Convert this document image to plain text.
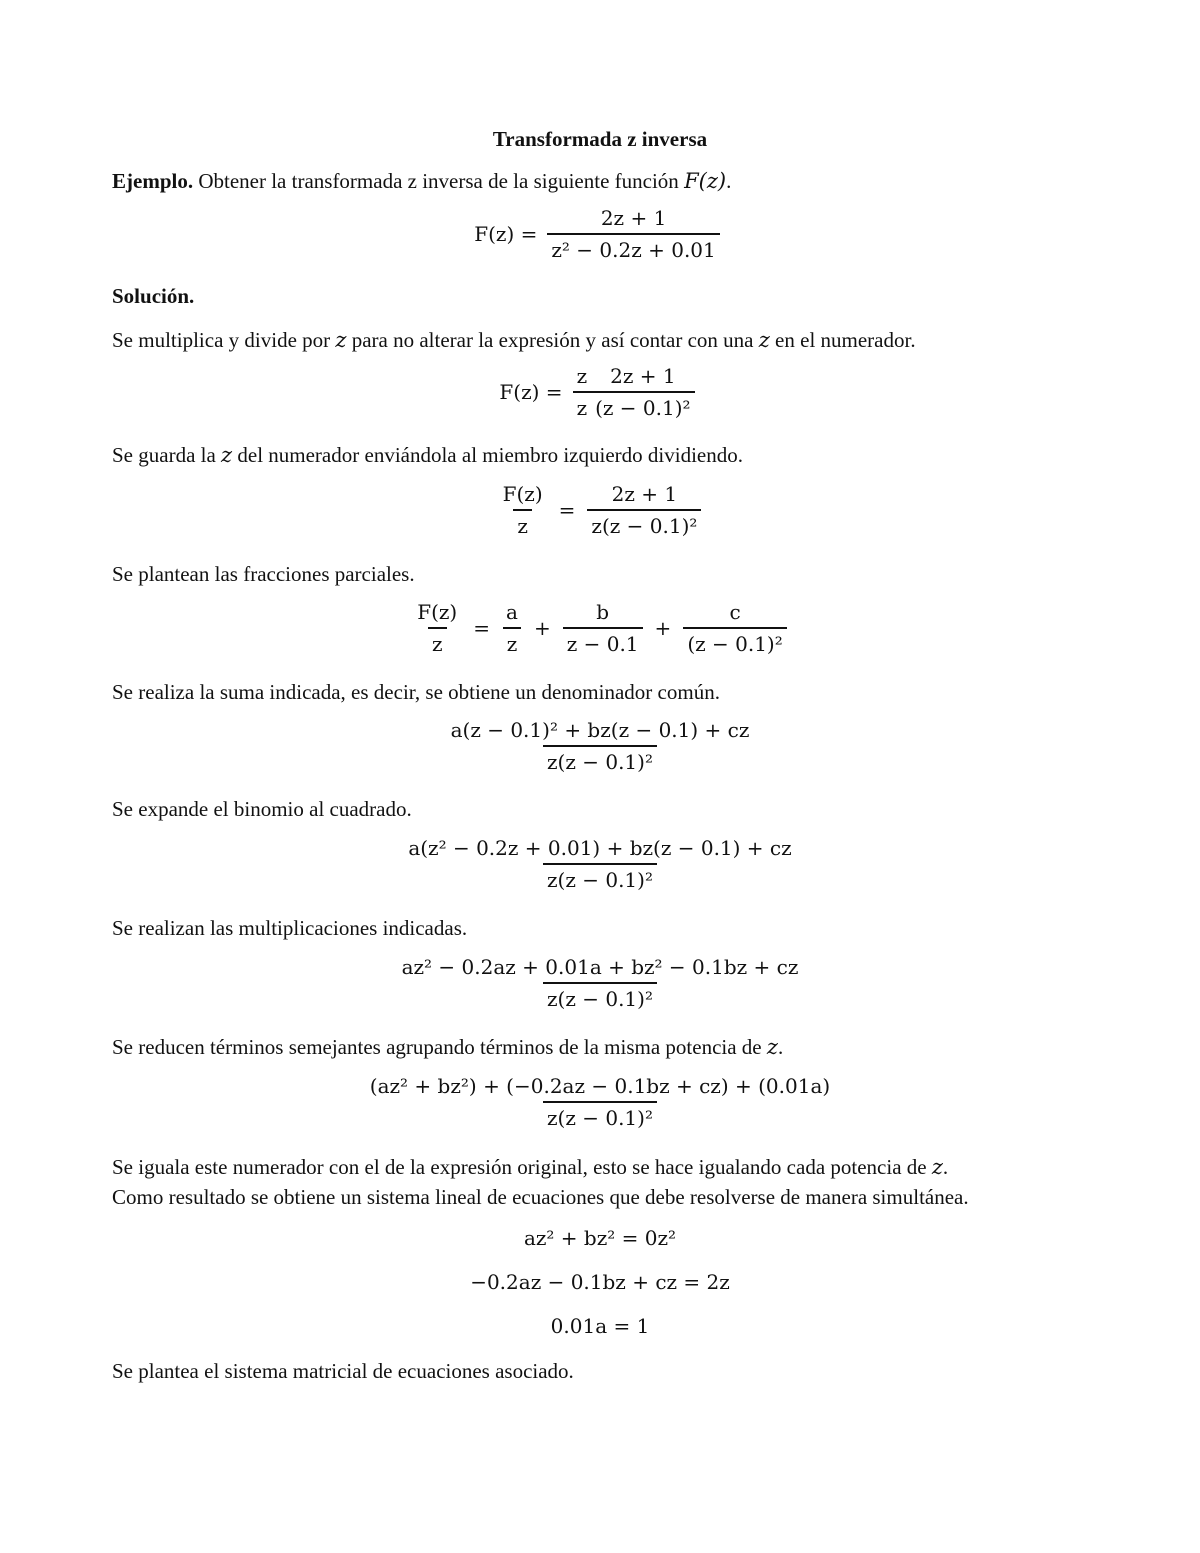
Transformada z inversa
Ejemplo. Obtener la transformada z inversa de la siguiente función F(z).
$F(z) = \frac{2z + 1}{\text{z² − 0.2z + 0.01}}$
Solución.
Se multiplica y divide por z para no alterar la expresión y así contar con una z en el numerador.
$F(z) = \frac{z}{z} \frac{2z + 1}{\text{(z − 0.1)²}}$
Se guarda la z del numerador enviándola al miembro izquierdo dividiendo.
$\frac{F(z)}{z} = \frac{2z + 1}{\text{z(z − 0.1)²}}$
Se plantean las fracciones parciales.
$\frac{F(z)}{z} = \frac{a}{z} + \frac{b}{z - 0.1} + \frac{c}{\text{(z − 0.1)²}}$
Se realiza la suma indicada, es decir, se obtiene un denominador común.
$\frac{\text{a(z − 0.1)² + bz(z − 0.1) + cz}}{\text{z(z − 0.1)²}}$
Se expande el binomio al cuadrado.
$\frac{\text{a(z² − 0.2z + 0.01) + bz(z − 0.1) + cz}}{\text{z(z − 0.1)²}}$
Se realizan las multiplicaciones indicadas.
$\frac{\text{az² − 0.2az + 0.01a + bz² − 0.1bz + cz}}{\text{z(z − 0.1)²}}$
Se reducen términos semejantes agrupando términos de la misma potencia de z.
$\frac{\text{(az² + bz²) + (−0.2az − 0.1bz + cz) + (0.01a)}}{\text{z(z − 0.1)²}}$
Se iguala este numerador con el de la expresión original, esto se hace igualando cada potencia de z.
Como resultado se obtiene un sistema lineal de ecuaciones que debe resolverse de manera simultánea.
az² + bz² = 0z²
−0.2az − 0.1bz + cz = 2z
0.01a = 1
Se plantea el sistema matricial de ecuaciones asociado.
